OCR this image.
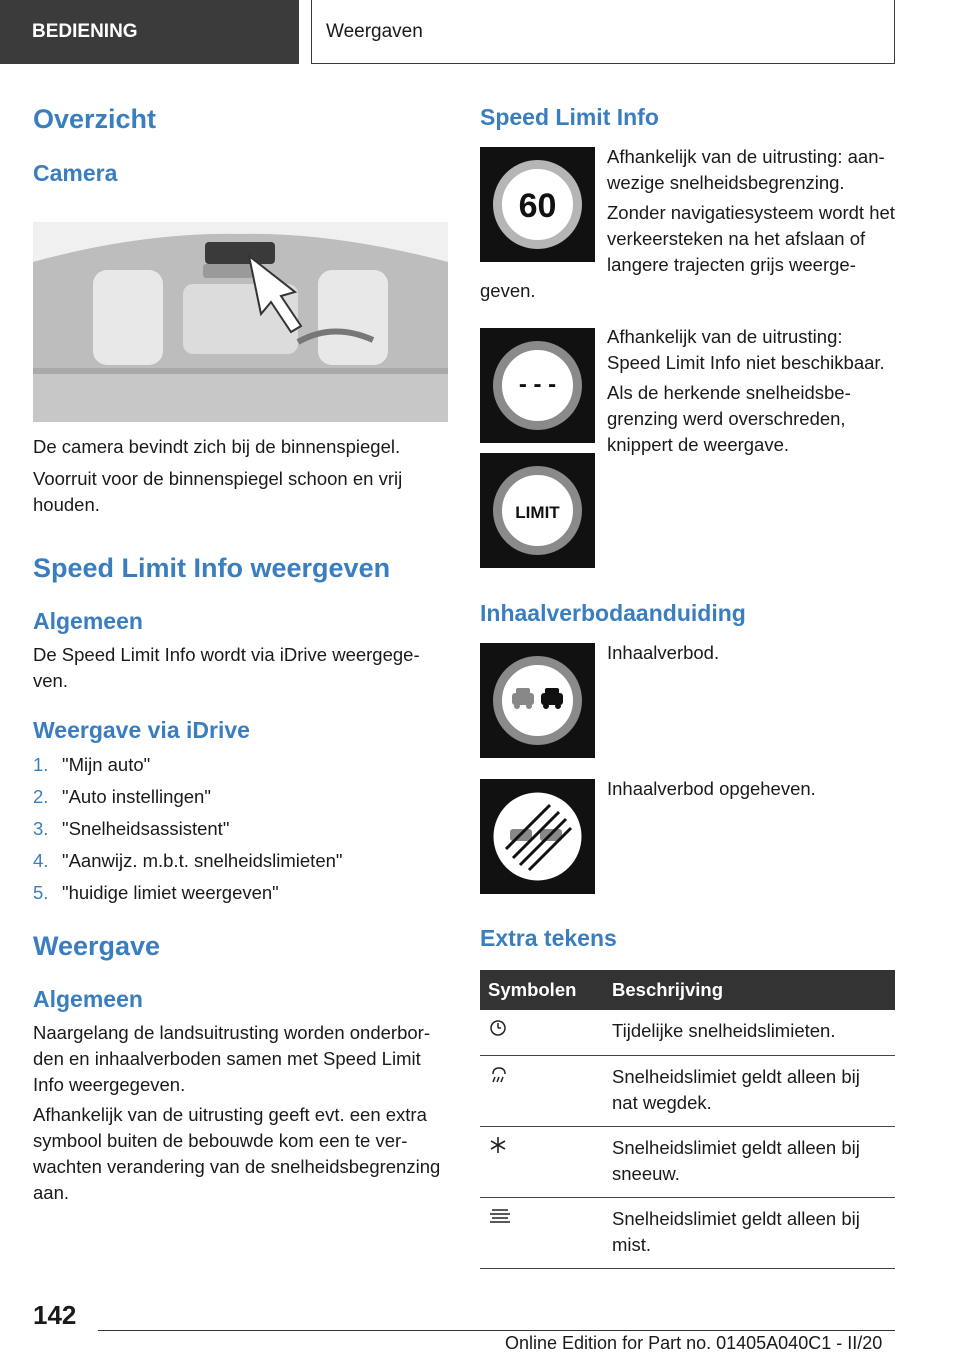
BEDIENING	Weergaven
Overzicht
Camera
De camera bevindt zich bij de binnenspiegel.
Voorruit voor de binnenspiegel schoon en vrij houden.
Speed Limit Info weergeven
Algemeen
De Speed Limit Info wordt via iDrive weergegeven.
Weergave via iDrive
1. "Mijn auto"
2. "Auto instellingen"
3. "Snelheidsassistent"
4. "Aanwijz. m.b.t. snelheidslimieten"
5. "huidige limiet weergeven"
Weergave
Algemeen
Naargelang de landsuitrusting worden onderborden en inhaalverboden samen met Speed Limit Info weergegeven.
Afhankelijk van de uitrusting geeft evt. een extra symbool buiten de bebouwde kom een te verwachten verandering van de snelheidsbegrenzing aan.
Speed Limit Info
60
Afhankelijk van de uitrusting: aanwezige snelheidsbegrenzing.
Zonder navigatiesysteem wordt het verkeersteken na het afslaan of langere trajecten grijs weergegeven.
- - -
Afhankelijk van de uitrusting: Speed Limit Info niet beschikbaar.
Als de herkende snelheidsbegrenzing werd overschreden, knippert de weergave.
LIMIT
Inhaalverbodaanduiding
Inhaalverbod.
Inhaalverbod opgeheven.
Extra tekens
Symbolen	Beschrijving
	Tijdelijke snelheidslimieten.
	Snelheidslimiet geldt alleen bij nat wegdek.
	Snelheidslimiet geldt alleen bij sneeuw.
	Snelheidslimiet geldt alleen bij mist.
142
Online Edition for Part no. 01405A040C1 - II/20
